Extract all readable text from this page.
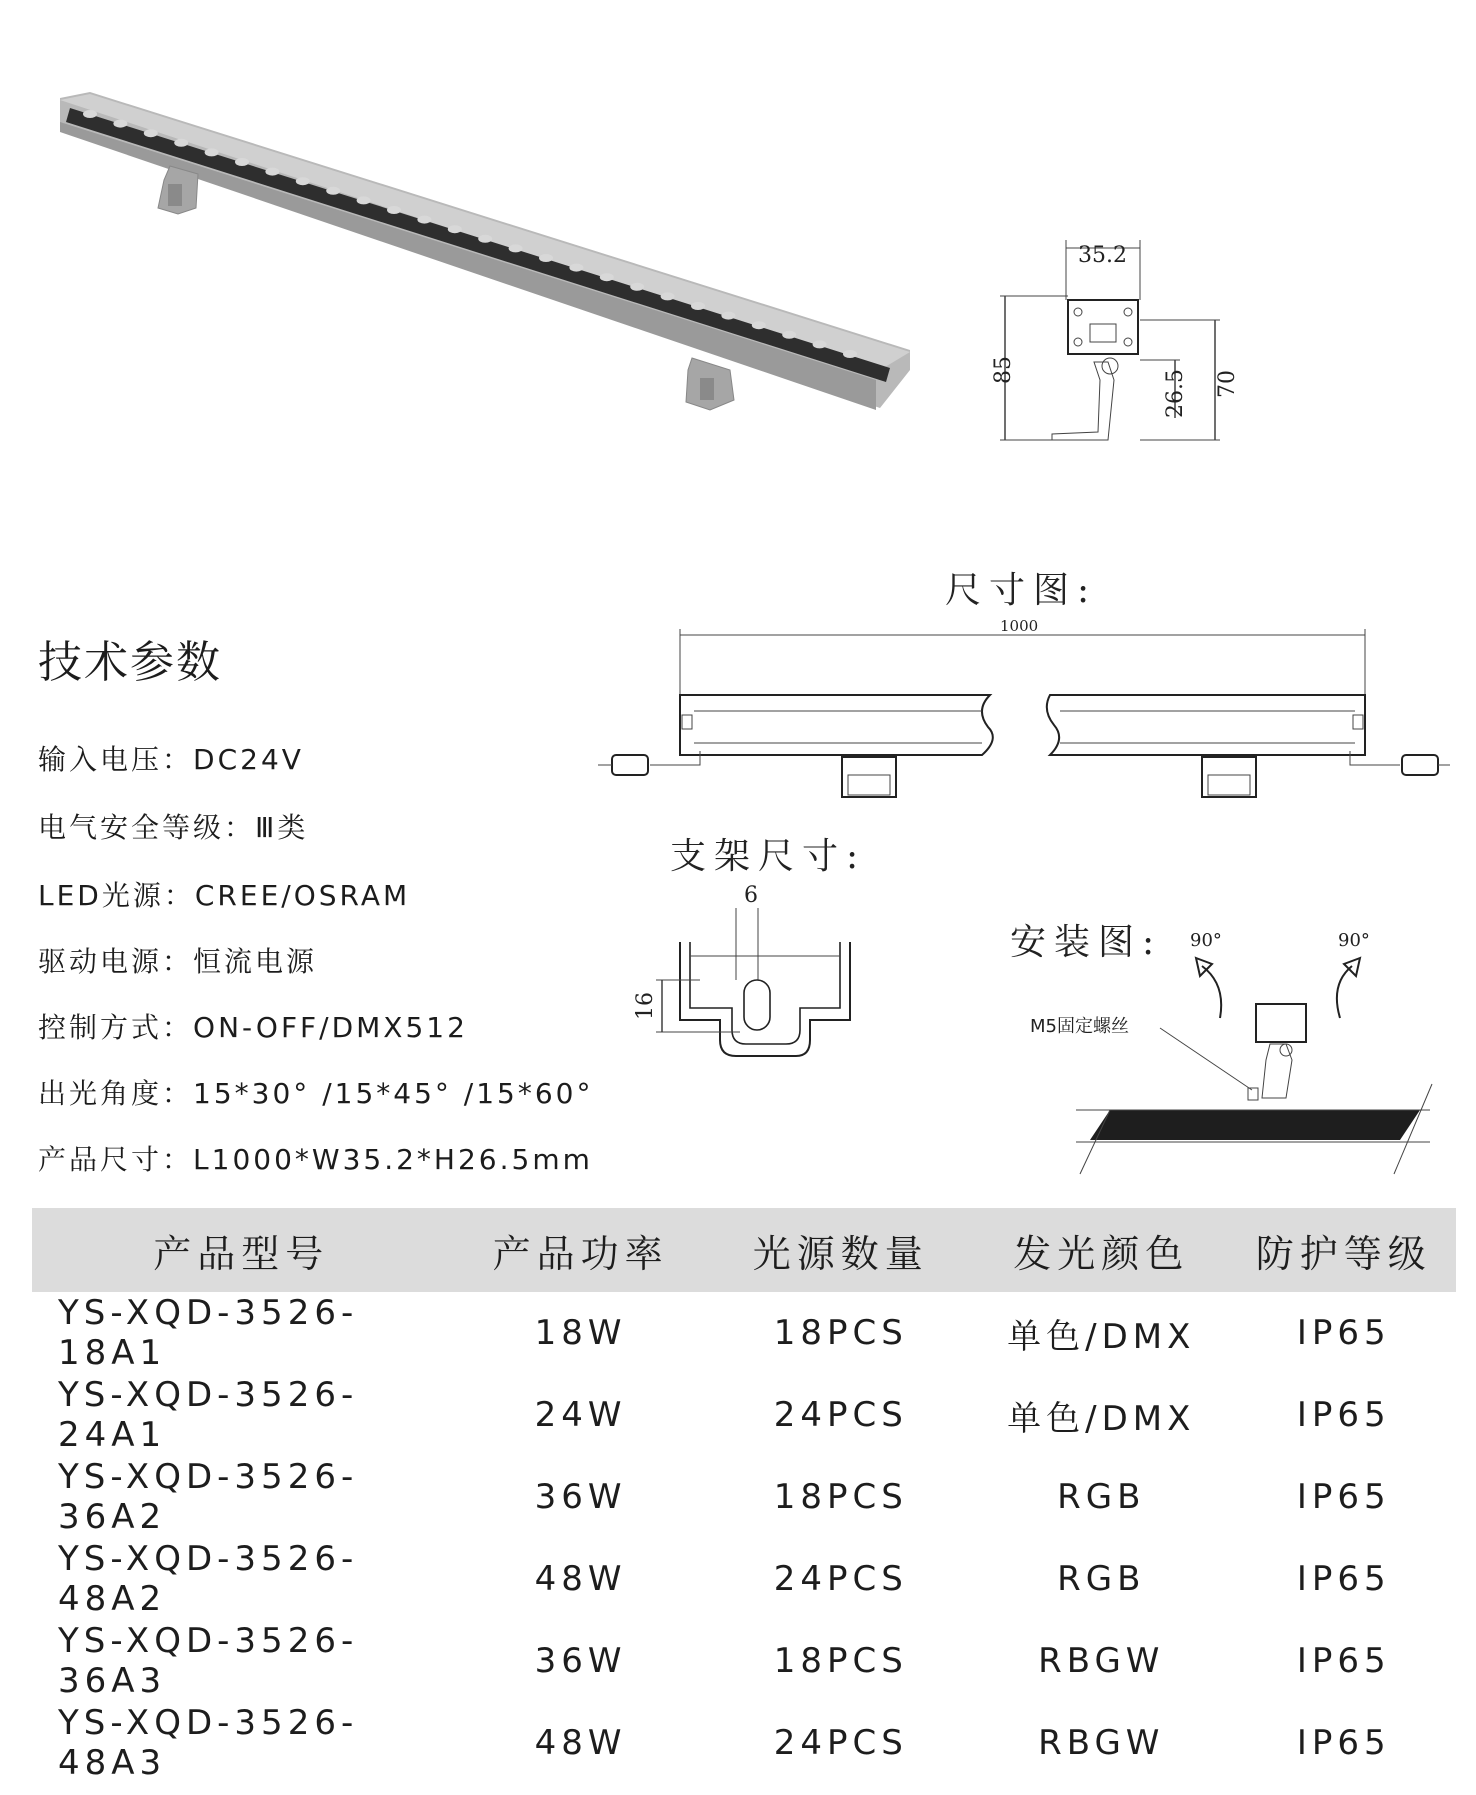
35.2
85	70
26.5
技术参数
输入电压 ： DC24V
电气安全等级 ： Ⅲ类
LED光源 ： CREE/OSRAM
驱动电源 ： 恒流电源
控制方式 ： ON-OFF/DMX512
出光角度 ： 15*30° /15*45° /15*60°
产品尺寸 ： L1000*W35.2*H26.5mm
尺寸图:
1000
支架尺寸:
6
16
安装图: 90°	90°
M5固定螺丝
产品型号	产品功率	光源数量	发光颜色	防护等级
YS-XQD-3526-18A1	18W	18PCS	单色/DMX	IP65
YS-XQD-3526-24A1	24W	24PCS	单色/DMX	IP65
YS-XQD-3526-36A2	36W	18PCS	RGB	IP65
YS-XQD-3526-48A2	48W	24PCS	RGB	IP65
YS-XQD-3526-36A3	36W	18PCS	RBGW	IP65
YS-XQD-3526-48A3	48W	24PCS	RBGW	IP65
